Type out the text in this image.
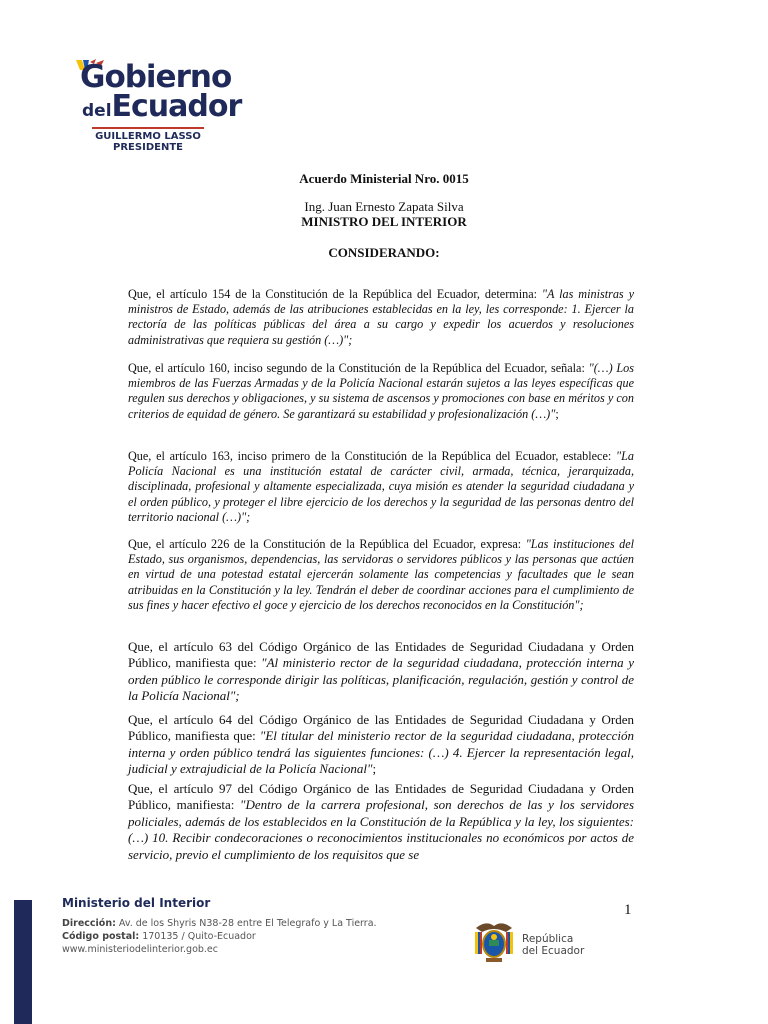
Gobierno
delEcuador
GUILLERMO LASSO
PRESIDENTE
Acuerdo Ministerial Nro. 0015
Ing. Juan Ernesto Zapata Silva
MINISTRO DEL INTERIOR
CONSIDERANDO:

Que, el artículo 154 de la Constitución de la República del Ecuador, determina: "A las ministras y ministros de Estado, además de las atribuciones establecidas en la ley, les corresponde: 1. Ejercer la rectoría de las políticas públicas del área a su cargo y expedir los acuerdos y resoluciones administrativas que requiera su gestión (…)";

Que, el artículo 160, inciso segundo de la Constitución de la República del Ecuador, señala: "(…) Los miembros de las Fuerzas Armadas y de la Policía Nacional estarán sujetos a las leyes específicas que regulen sus derechos y obligaciones, y su sistema de ascensos y promociones con base en méritos y con criterios de equidad de género. Se garantizará su estabilidad y profesionalización (…)";

Que, el artículo 163, inciso primero de la Constitución de la República del Ecuador, establece: "La Policía Nacional es una institución estatal de carácter civil, armada, técnica, jerarquizada, disciplinada, profesional y altamente especializada, cuya misión es atender la seguridad ciudadana y el orden público, y proteger el libre ejercicio de los derechos y la seguridad de las personas dentro del territorio nacional (…)";

Que, el artículo 226 de la Constitución de la República del Ecuador, expresa: "Las instituciones del Estado, sus organismos, dependencias, las servidoras o servidores públicos y las personas que actúen en virtud de una potestad estatal ejercerán solamente las competencias y facultades que le sean atribuidas en la Constitución y la ley. Tendrán el deber de coordinar acciones para el cumplimiento de sus fines y hacer efectivo el goce y ejercicio de los derechos reconocidos en la Constitución";

Que, el artículo 63 del Código Orgánico de las Entidades de Seguridad Ciudadana y Orden Público, manifiesta que: "Al ministerio rector de la seguridad ciudadana, protección interna y orden público le corresponde dirigir las políticas, planificación, regulación, gestión y control de la Policía Nacional";

Que, el artículo 64 del Código Orgánico de las Entidades de Seguridad Ciudadana y Orden Público, manifiesta que: "El titular del ministerio rector de la seguridad ciudadana, protección interna y orden público tendrá las siguientes funciones: (…) 4. Ejercer la representación legal, judicial y extrajudicial de la Policía Nacional";

Que, el artículo 97 del Código Orgánico de las Entidades de Seguridad Ciudadana y Orden Público, manifiesta: "Dentro de la carrera profesional, son derechos de las y los servidores policiales, además de los establecidos en la Constitución de la República y la ley, los siguientes: (…) 10. Recibir condecoraciones o reconocimientos institucionales no económicos por actos de servicio, previo el cumplimiento de los requisitos que se

Ministerio del Interior
Dirección: Av. de los Shyris N38-28 entre El Telegrafo y La Tierra.
Código postal: 170135 / Quito-Ecuador
www.ministeriodelinterior.gob.ec
1
República
del Ecuador
